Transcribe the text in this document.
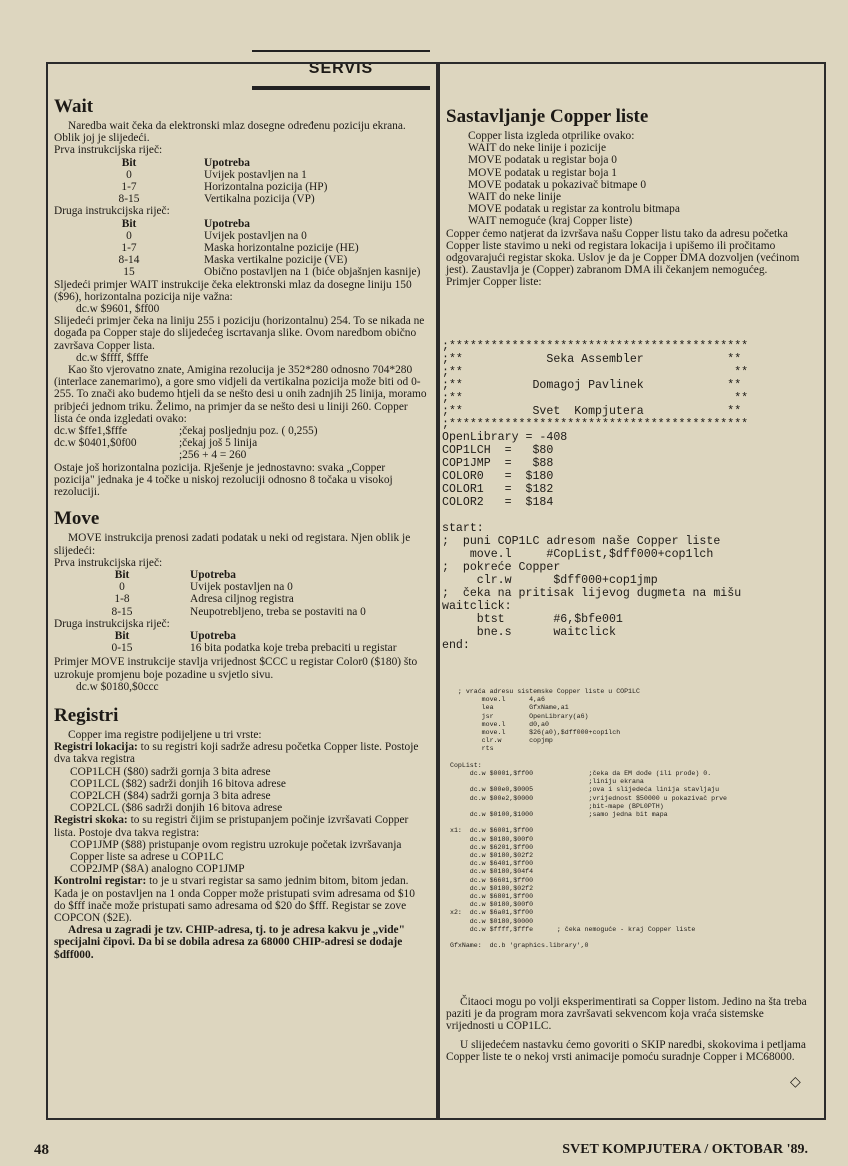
SERVIS
Wait

Naredba wait čeka da elektronski mlaz dosegne određenu poziciju ekrana. Oblik joj je slijedeći.

Prva instrukcijska riječ:

Bit	Upotreba
0	Uvijek postavljen na 1
1-7	Horizontalna pozicija (HP)
8-15	Vertikalna pozicija (VP)

Druga instrukcijska riječ:

Bit	Upotreba
0	Uvijek postavljen na 0
1-7	Maska horizontalne pozicije (HE)
8-14	Maska vertikalne pozicije (VE)
15	Obično postavljen na 1 (biće objašnjen kasnije)

Sljedeći primjer WAIT instrukcije čeka elektronski mlaz da dosegne liniju 150 ($96), horizontalna pozicija nije važna:

dc.w $9601, $ff00

Slijedeći primjer čeka na liniju 255 i poziciju (horizontalnu) 254. To se nikada ne događa pa Copper staje do slijedećeg iscrtavanja slike. Ovom naredbom obično završava Copper lista.

dc.w $ffff, $fffe

Kao što vjerovatno znate, Amigina rezolucija je 352*280 odnosno 704*280 (interlace zanemarimo), a gore smo vidjeli da vertikalna pozicija može biti od 0-255. To znači ako budemo htjeli da se nešto desi u onih zadnjih 25 linija, moramo pribjeći jednom triku. Želimo, na primjer da se nešto desi u liniji 260. Copper lista će onda izgledati ovako:

dc.w $ffe1,$fffe	;čekaj posljednju poz. ( 0,255)
dc.w $0401,$0f00	;čekaj još 5 linija
;256 + 4 = 260

Ostaje još horizontalna pozicija. Rješenje je jednostavno: svaka „Copper pozicija" jednaka je 4 točke u niskoj rezoluciji odnosno 8 točaka u visokoj rezoluciji.

Move

MOVE instrukcija prenosi zadati podatak u neki od registara. Njen oblik je slijedeći:

Prva instrukcijska riječ:

Bit	Upotreba
0	Uvijek postavljen na 0
1-8	Adresa ciljnog registra
8-15	Neupotrebljeno, treba se postaviti na 0

Druga instrukcijska riječ:

Bit	Upotreba
0-15	16 bita podatka koje treba prebaciti u registar

Primjer MOVE instrukcije stavlja vrijednost $CCC u registar Color0 ($180) što uzrokuje promjenu boje pozadine u svjetlo sivu.

dc.w $0180,$0ccc

Registri

Copper ima registre podijeljene u tri vrste:

Registri lokacija: to su registri koji sadrže adresu početka Copper liste. Postoje dva takva registra

COP1LCH ($80) sadrži gornja 3 bita adrese

COP1LCL ($82) sadrži donjih 16 bitova adrese

COP2LCH ($84) sadrži gornja 3 bita adrese

COP2LCL ($86 sadrži donjih 16 bitova adrese

Registri skoka: to su registri čijim se pristupanjem počinje izvršavati Copper lista. Postoje dva takva registra:

COP1JMP ($88) pristupanje ovom registru uzrokuje početak izvršavanja Copper liste sa adrese u COP1LC

COP2JMP ($8A) analogno COP1JMP

Kontrolni registar: to je u stvari registar sa samo jednim bitom, bitom jedan. Kada je on postavljen na 1 onda Copper može pristupati svim adresama od $10 do $fff inače može pristupati samo adresama od $20 do $fff. Registar se zove COPCON ($2E).

Adresa u zagradi je tzv. CHIP-adresa, tj. to je adresa kakvu je „vide" specijalni čipovi. Da bi se dobila adresa za 68000 CHIP-adresi se dodaje $dff000.

Sastavljanje Copper liste

Copper lista izgleda otprilike ovako:

WAIT do neke linije i pozicije

MOVE podatak u registar boja 0

MOVE podatak u registar boja 1

MOVE podatak u pokazivač bitmape 0

WAIT do neke linije

MOVE podatak u registar za kontrolu bitmapa

WAIT nemoguće (kraj Copper liste)

Copper ćemo natjerat da izvršava našu Copper listu tako da adresu početka Copper liste stavimo u neki od registara lokacija i upišemo ili pročitamo odgovarajući registar skoka. Uslov je da je Copper DMA dozvoljen (većinom jest). Zaustavlja je (Copper) zabranom DMA ili čekanjem nemogućeg.

Primjer Copper liste:

;*******************************************
;**            Seka Assembler            **
;**                                       **
;**          Domagoj Pavlinek            **
;**                                       **
;**          Svet  Kompjutera            **
;*******************************************
OpenLibrary = -408
COP1LCH  =   $80
COP1JMP  =   $88
COLOR0   =  $180
COLOR1   =  $182
COLOR2   =  $184

start:
;  puni COP1LC adresom naše Copper liste
move.l     #CopList,$dff000+cop1lch
;  pokreće Copper
clr.w      $dff000+cop1jmp
;  čeka na pritisak lijevog dugmeta na mišu
waitclick:
btst       #6,$bfe001
bne.s      waitclick
end:
; vraća adresu sistemske Copper liste u COP1LC
move.l      4,a6
lea         GfxName,a1
jsr         OpenLibrary(a6)
move.l      d0,a0
move.l      $26(a0),$dff000+cop1lch
clr.w       copjmp
rts

CopList:
dc.w $0001,$ff00              ;čeka da EM dođe (ili prođe) 0.
;liniju ekrana
dc.w $00e0,$0005              ;ova i slijedeća linija stavljaju
dc.w $00e2,$0000              ;vrijednost $50000 u pokazivač prve
;bit-mape (BPL0PTH)
dc.w $0100,$1000              ;samo jedna bit mapa

x1:  dc.w $6001,$ff00
dc.w $0180,$00f0
dc.w $6201,$ff00
dc.w $0180,$02f2
dc.w $6401,$ff00
dc.w $0180,$04f4
dc.w $6601,$ff00
dc.w $0180,$02f2
dc.w $6801,$ff00
dc.w $0180,$00f0
x2:  dc.w $6a01,$ff00
dc.w $0180,$0000
dc.w $ffff,$fffe      ; čeka nemoguće - kraj Copper liste

GfxName:  dc.b 'graphics.library',0

Čitaoci mogu po volji eksperimentirati sa Copper listom. Jedino na šta treba paziti je da program mora završavati sekvencom koja vraća sistemske vrijednosti u COP1LC.

U slijedećem nastavku ćemo govoriti o SKIP naredbi, skokovima i petljama Copper liste te o nekoj vrsti animacije pomoću suradnje Copper i MC68000.

◇
48	SVET KOMPJUTERA / OKTOBAR '89.
